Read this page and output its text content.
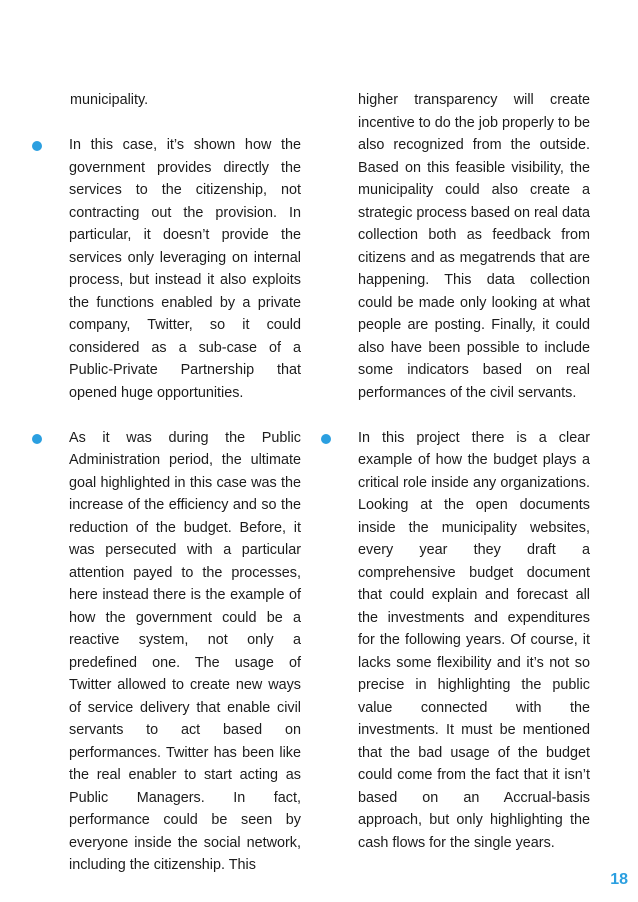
municipality.

In this case, it’s shown how the government provides directly the services to the citizenship, not contracting out the provision. In particular, it doesn’t provide the services only leveraging on internal process, but instead it also exploits the functions enabled by a private company, Twitter, so it could considered as a sub-case of a Public-Private Partnership that opened huge opportunities.

As it was during the Public Administration period, the ultimate goal highlighted in this case was the increase of the efficiency and so the reduction of the budget. Before, it was persecuted with a particular attention payed to the processes, here instead there is the example of how the government could be a reactive system, not only a predefined one. The usage of Twitter allowed to create new ways of service delivery that enable civil servants to act based on performances. Twitter has been like the real enabler to start acting as Public Managers. In fact, performance could be seen by everyone inside the social network, including the citizenship. This

higher transparency will create incentive to do the job properly to be also recognized from the outside. Based on this feasible visibility, the municipality could also create a strategic process based on real data collection both as feedback from citizens and as megatrends that are happening. This data collection could be made only looking at what people are posting. Finally, it could also have been possible to include some indicators based on real performances of the civil servants.

In this project there is a clear example of how the budget plays a critical role inside any organizations. Looking at the open documents inside the municipality websites, every year they draft a comprehensive budget document that could explain and forecast all the investments and expenditures for the following years. Of course, it lacks some flexibility and it’s not so precise in highlighting the public value connected with the investments. It must be mentioned that the bad usage of the budget could come from the fact that it isn’t based on an Accrual-basis approach, but only highlighting the cash flows for the single years.

18
